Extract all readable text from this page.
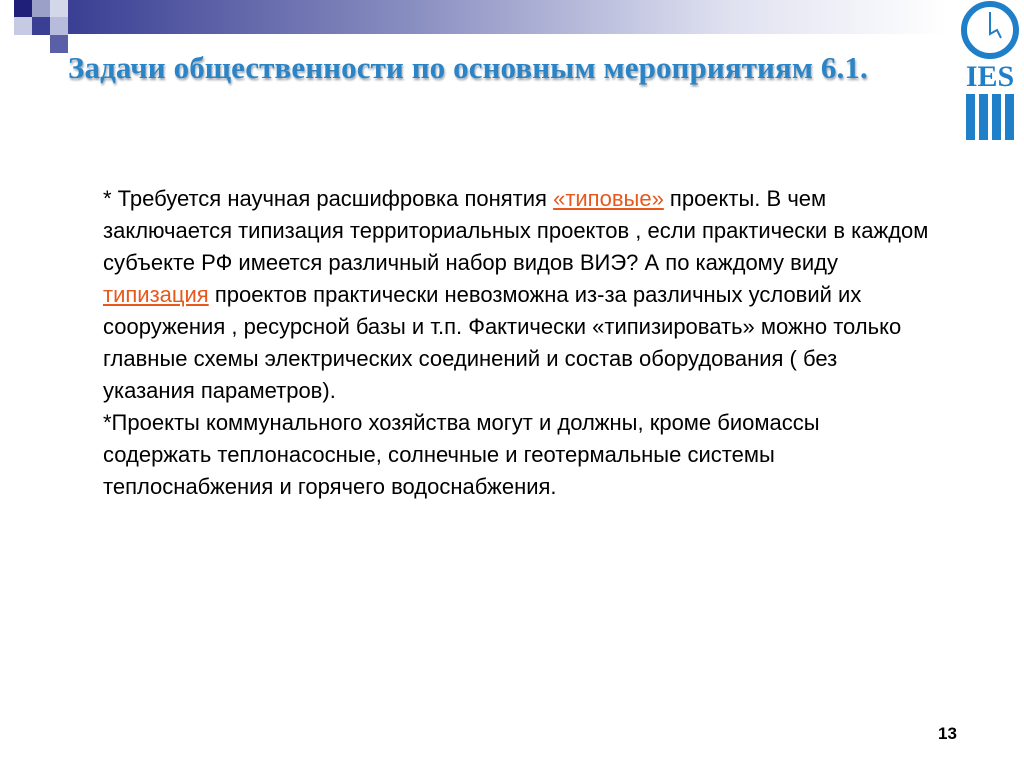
Задачи общественности по основным мероприятиям 6.1.	IES

* Требуется научная расшифровка понятия «типовые» проекты. В чем заключается типизация территориальных проектов , если практически в каждом субъекте РФ имеется различный набор видов ВИЭ? А по каждому виду типизация проектов практически невозможна из-за различных условий их сооружения , ресурсной базы и т.п. Фактически «типизировать» можно только главные схемы электрических соединений и состав оборудования ( без указания параметров).

*Проекты коммунального хозяйства могут и должны, кроме биомассы содержать теплонасосные, солнечные и геотермальные системы теплоснабжения и горячего водоснабжения.

13
